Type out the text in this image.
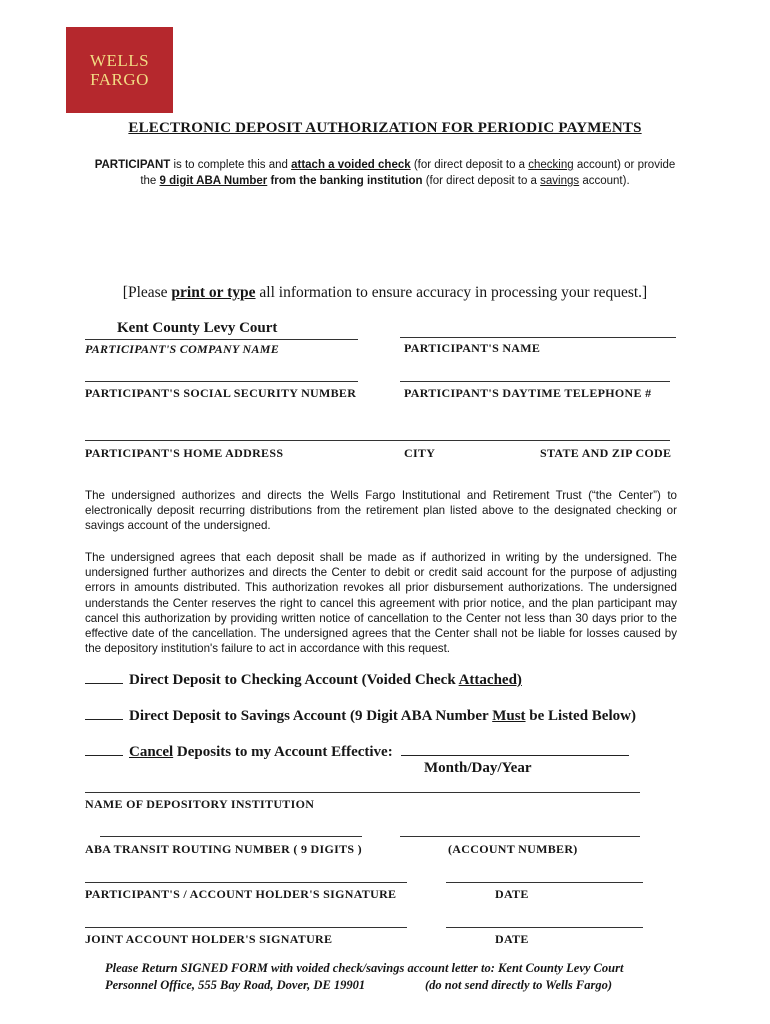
WELLS
FARGO
ELECTRONIC DEPOSIT AUTHORIZATION FOR PERIODIC PAYMENTS
PARTICIPANT is to complete this and attach a voided check (for direct deposit to a checking account) or provide
the 9 digit ABA Number from the banking institution (for direct deposit to a savings account).
[Please print or type all information to ensure accuracy in processing your request.]
Kent County Levy Court
PARTICIPANT'S COMPANY NAME	PARTICIPANT'S NAME
PARTICIPANT'S SOCIAL SECURITY NUMBER	PARTICIPANT'S DAYTIME TELEPHONE #
PARTICIPANT'S HOME ADDRESS	CITY	STATE AND ZIP CODE
The undersigned authorizes and directs the Wells Fargo Institutional and Retirement Trust (“the Center”) to electronically deposit recurring distributions from the retirement plan listed above to the designated checking or savings account of the undersigned.
The undersigned agrees that each deposit shall be made as if authorized in writing by the undersigned. The undersigned further authorizes and directs the Center to debit or credit said account for the purpose of adjusting errors in amounts distributed. This authorization revokes all prior disbursement authorizations. The undersigned understands the Center reserves the right to cancel this agreement with prior notice, and the plan participant may cancel this authorization by providing written notice of cancellation to the Center not less than 30 days prior to the effective date of the cancellation. The undersigned agrees that the Center shall not be liable for losses caused by the depository institution's failure to act in accordance with this request.
Direct Deposit to Checking Account (Voided Check Attached)
Direct Deposit to Savings Account (9 Digit ABA Number Must be Listed Below)
Cancel Deposits to my Account Effective:
Month/Day/Year
NAME OF DEPOSITORY INSTITUTION
ABA TRANSIT ROUTING NUMBER ( 9 DIGITS )	(ACCOUNT NUMBER)
PARTICIPANT'S / ACCOUNT HOLDER'S SIGNATURE	DATE
JOINT ACCOUNT HOLDER'S SIGNATURE	DATE
Please Return SIGNED FORM with voided check/savings account letter to: Kent County Levy Court
Personnel Office, 555 Bay Road, Dover, DE 19901	(do not send directly to Wells Fargo)
